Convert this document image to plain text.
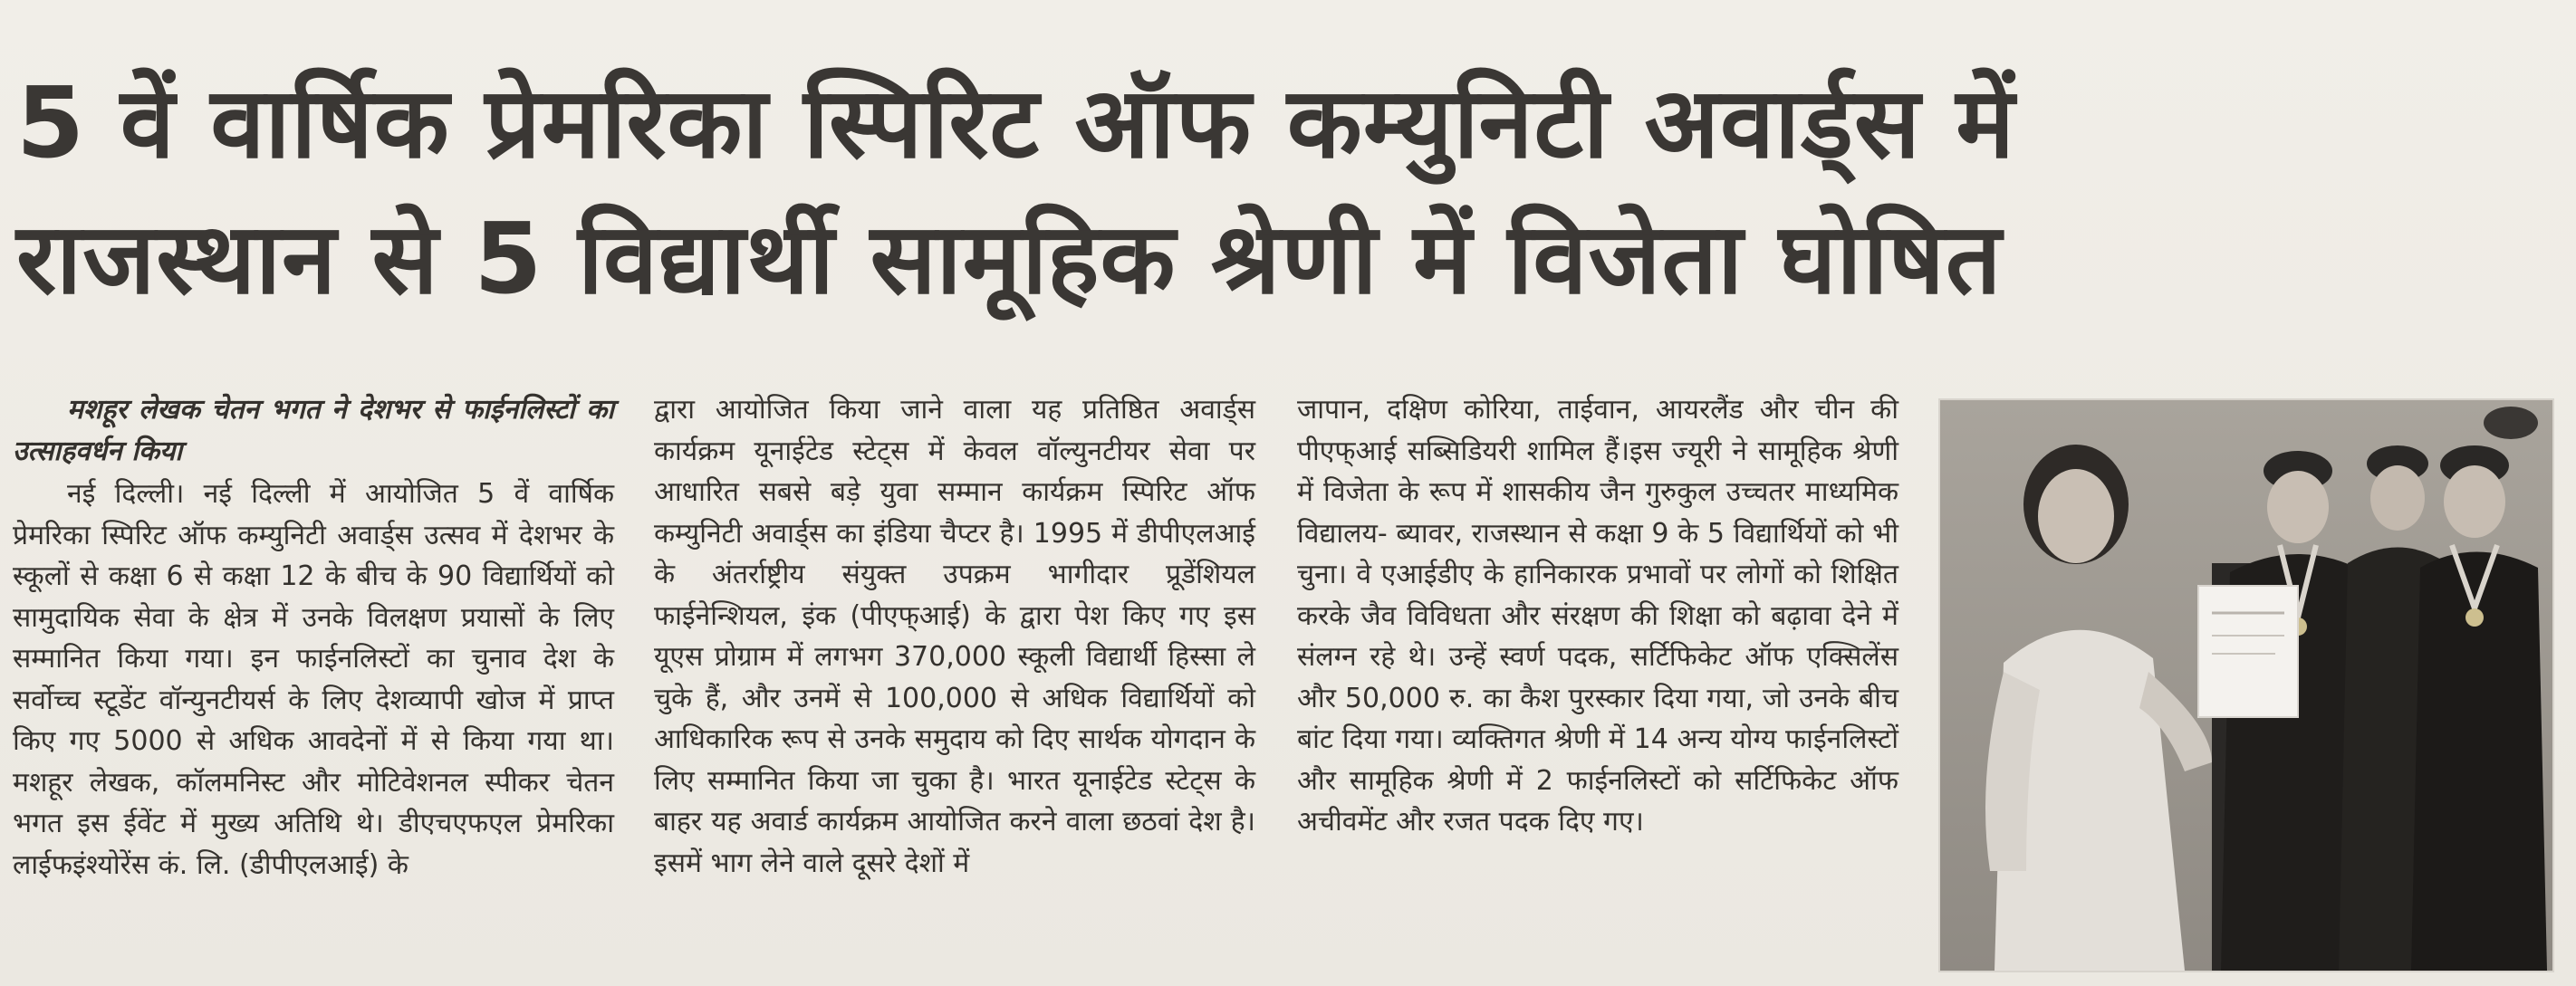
5 वें वार्षिक प्रेमरिका स्पिरिट ऑफ कम्युनिटी अवार्ड्स में
राजस्थान से 5 विद्यार्थी सामूहिक श्रेणी में विजेता घोषित

मशहूर लेखक चेतन भगत ने देशभर से फाईनलिस्टों का उत्साहवर्धन किया

नई दिल्ली। नई दिल्ली में आयोजित 5 वें वार्षिक प्रेमरिका स्पिरिट ऑफ कम्युनिटी अवार्ड्स उत्सव में देशभर के स्कूलों से कक्षा 6 से कक्षा 12 के बीच के 90 विद्यार्थियों को सामुदायिक सेवा के क्षेत्र में उनके विलक्षण प्रयासों के लिए सम्मानित किया गया। इन फाईनलिस्टों का चुनाव देश के सर्वोच्च स्टूडेंट वॉन्युनटीयर्स के लिए देशव्यापी खोज में प्राप्त किए गए 5000 से अधिक आवदेनों में से किया गया था। मशहूर लेखक, कॉलमनिस्ट और मोटिवेशनल स्पीकर चेतन भगत इस ईवेंट में मुख्य अतिथि थे। डीएचएफएल प्रेमरिका लाईफइंश्योरेंस कं. लि. (डीपीएलआई) के

द्वारा आयोजित किया जाने वाला यह प्रतिष्ठित अवार्ड्स कार्यक्रम यूनाईटेड स्टेट्स में केवल वॉल्युनटीयर सेवा पर आधारित सबसे बड़े युवा सम्मान कार्यक्रम स्पिरिट ऑफ कम्युनिटी अवार्ड्स का इंडिया चैप्टर है। 1995 में डीपीएलआई के अंतर्राष्ट्रीय संयुक्त उपक्रम भागीदार प्रूडेंशियल फाईनेन्शियल, इंक (पीएफ्आई) के द्वारा पेश किए गए इस यूएस प्रोग्राम में लगभग 370,000 स्कूली विद्यार्थी हिस्सा ले चुके हैं, और उनमें से 100,000 से अधिक विद्यार्थियों को आधिकारिक रूप से उनके समुदाय को दिए सार्थक योगदान के लिए सम्मानित किया जा चुका है। भारत यूनाईटेड स्टेट्स के बाहर यह अवार्ड कार्यक्रम आयोजित करने वाला छठवां देश है। इसमें भाग लेने वाले दूसरे देशों में

जापान, दक्षिण कोरिया, ताईवान, आयरलैंड और चीन की पीएफ्आई सब्सिडियरी शामिल हैं।इस ज्यूरी ने सामूहिक श्रेणी में विजेता के रूप में शासकीय जैन गुरुकुल उच्चतर माध्यमिक विद्यालय- ब्यावर, राजस्थान से कक्षा 9 के 5 विद्यार्थियों को भी चुना। वे एआईडीए के हानिकारक प्रभावों पर लोगों को शिक्षित करके जैव विविधता और संरक्षण की शिक्षा को बढ़ावा देने में संलग्न रहे थे। उन्हें स्वर्ण पदक, सर्टिफिकेट ऑफ एक्सिलेंस और 50,000 रु. का कैश पुरस्कार दिया गया, जो उनके बीच बांट दिया गया। व्यक्तिगत श्रेणी में 14 अन्य योग्य फाईनलिस्टों और सामूहिक श्रेणी में 2 फाईनलिस्टों को सर्टिफिकेट ऑफ अचीवमेंट और रजत पदक दिए गए।
